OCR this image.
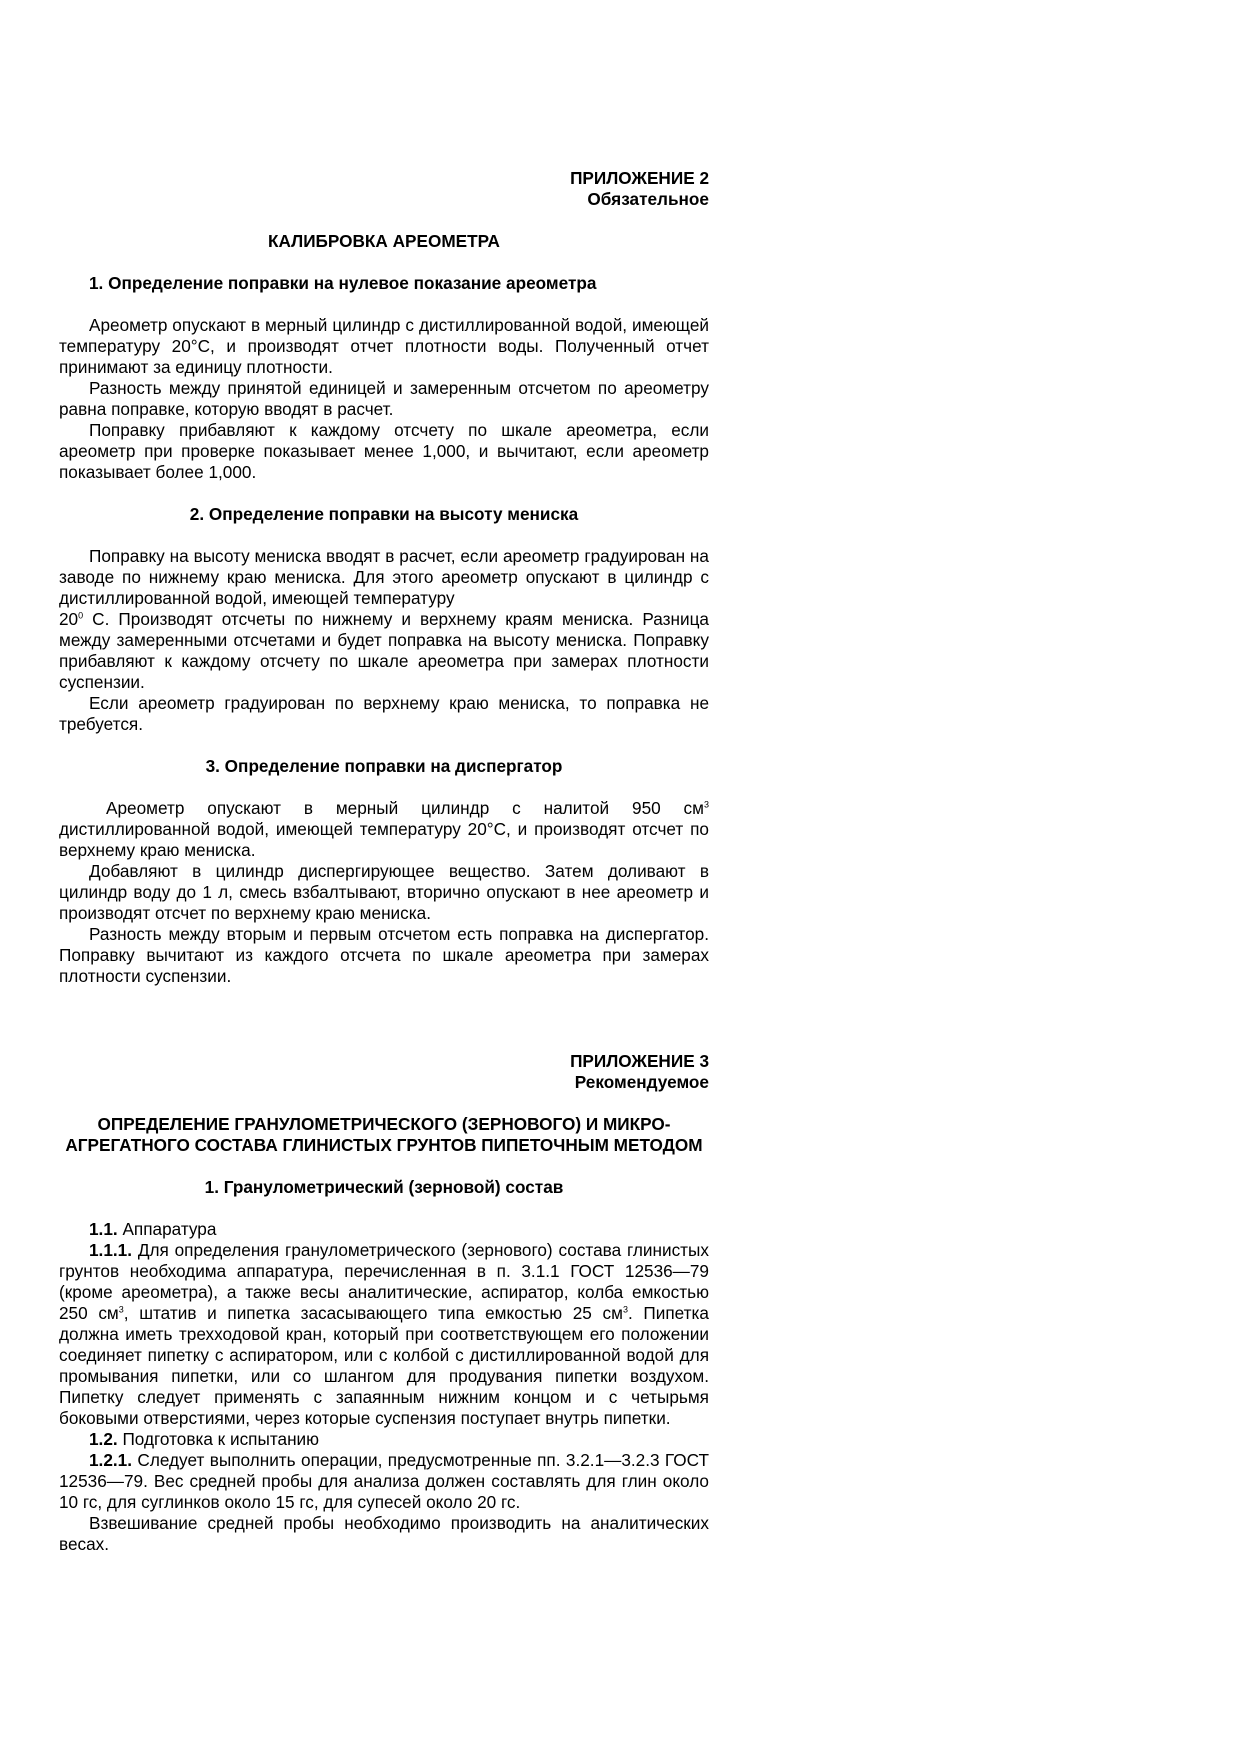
ПРИЛОЖЕНИЕ 2

Обязательное

КАЛИБРОВКА АРЕОМЕТРА

1. Определение поправки на нулевое показание ареометра

Ареометр опускают в мерный цилиндр с дистиллированной водой, имеющей температуру 20°С, и производят отчет плотности воды. Полученный отчет принимают за единицу плотности.

Разность между принятой единицей и замеренным отсчетом по ареометру равна поправке, которую вводят в расчет.

Поправку прибавляют к каждому отсчету по шкале ареометра, если ареометр при проверке показывает менее 1,000, и вычитают, если ареометр показывает более 1,000.

2. Определение поправки на высоту мениска

Поправку на высоту мениска вводят в расчет, если ареометр градуирован на заводе по нижнему краю мениска. Для этого ареометр опускают в цилиндр с дистиллированной водой, имеющей температуру
$20^0$ С. Производят отсчеты по нижнему и верхнему краям мениска. Разница между замеренными отсчетами и будет поправка на высоту мениска. Поправку прибавляют к каждому отсчету по шкале ареометра при замерах плотности суспензии.

Если ареометр градуирован по верхнему краю мениска, то поправка не требуется.

3. Определение поправки на диспергатор

Ареометр опускают в мерный цилиндр с налитой 950 $см^3$ дистиллированной водой, имеющей температуру 20°С, и производят отсчет по верхнему краю мениска.

Добавляют в цилиндр диспергирующее вещество. Затем доливают в цилиндр воду до 1 л, смесь взбалтывают, вторично опускают в нее ареометр и производят отсчет по верхнему краю мениска.

Разность между вторым и первым отсчетом есть поправка на диспергатор. Поправку вычитают из каждого отсчета по шкале ареометра при замерах плотности суспензии.

ПРИЛОЖЕНИЕ 3

Рекомендуемое

ОПРЕДЕЛЕНИЕ ГРАНУЛОМЕТРИЧЕСКОГО (ЗЕРНОВОГО) И МИКРО-АГРЕГАТНОГО СОСТАВА ГЛИНИСТЫХ ГРУНТОВ ПИПЕТОЧНЫМ МЕТОДОМ

1. Гранулометрический (зерновой) состав

1.1. Аппаратура

1.1.1. Для определения гранулометрического (зернового) состава глинистых грунтов необходима аппаратура, перечисленная в п. 3.1.1 ГОСТ 12536—79 (кроме ареометра), а также весы аналитические, аспиратор, колба емкостью 250 $см^3$, штатив и пипетка засасывающего типа емкостью 25 $см^3$. Пипетка должна иметь трехходовой кран, который при соответствующем его положении соединяет пипетку с аспиратором, или с колбой с дистиллированной водой для промывания пипетки, или со шлангом для продувания пипетки воздухом. Пипетку следует применять с запаянным нижним концом и с четырьмя боковыми отверстиями, через которые суспензия поступает внутрь пипетки.

1.2. Подготовка к испытанию

1.2.1. Следует выполнить операции, предусмотренные пп. 3.2.1—3.2.3 ГОСТ 12536—79. Вес средней пробы для анализа должен составлять для глин около 10 гс, для суглинков около 15 гс, для супесей около 20 гс.

Взвешивание средней пробы необходимо производить на аналитических весах.
